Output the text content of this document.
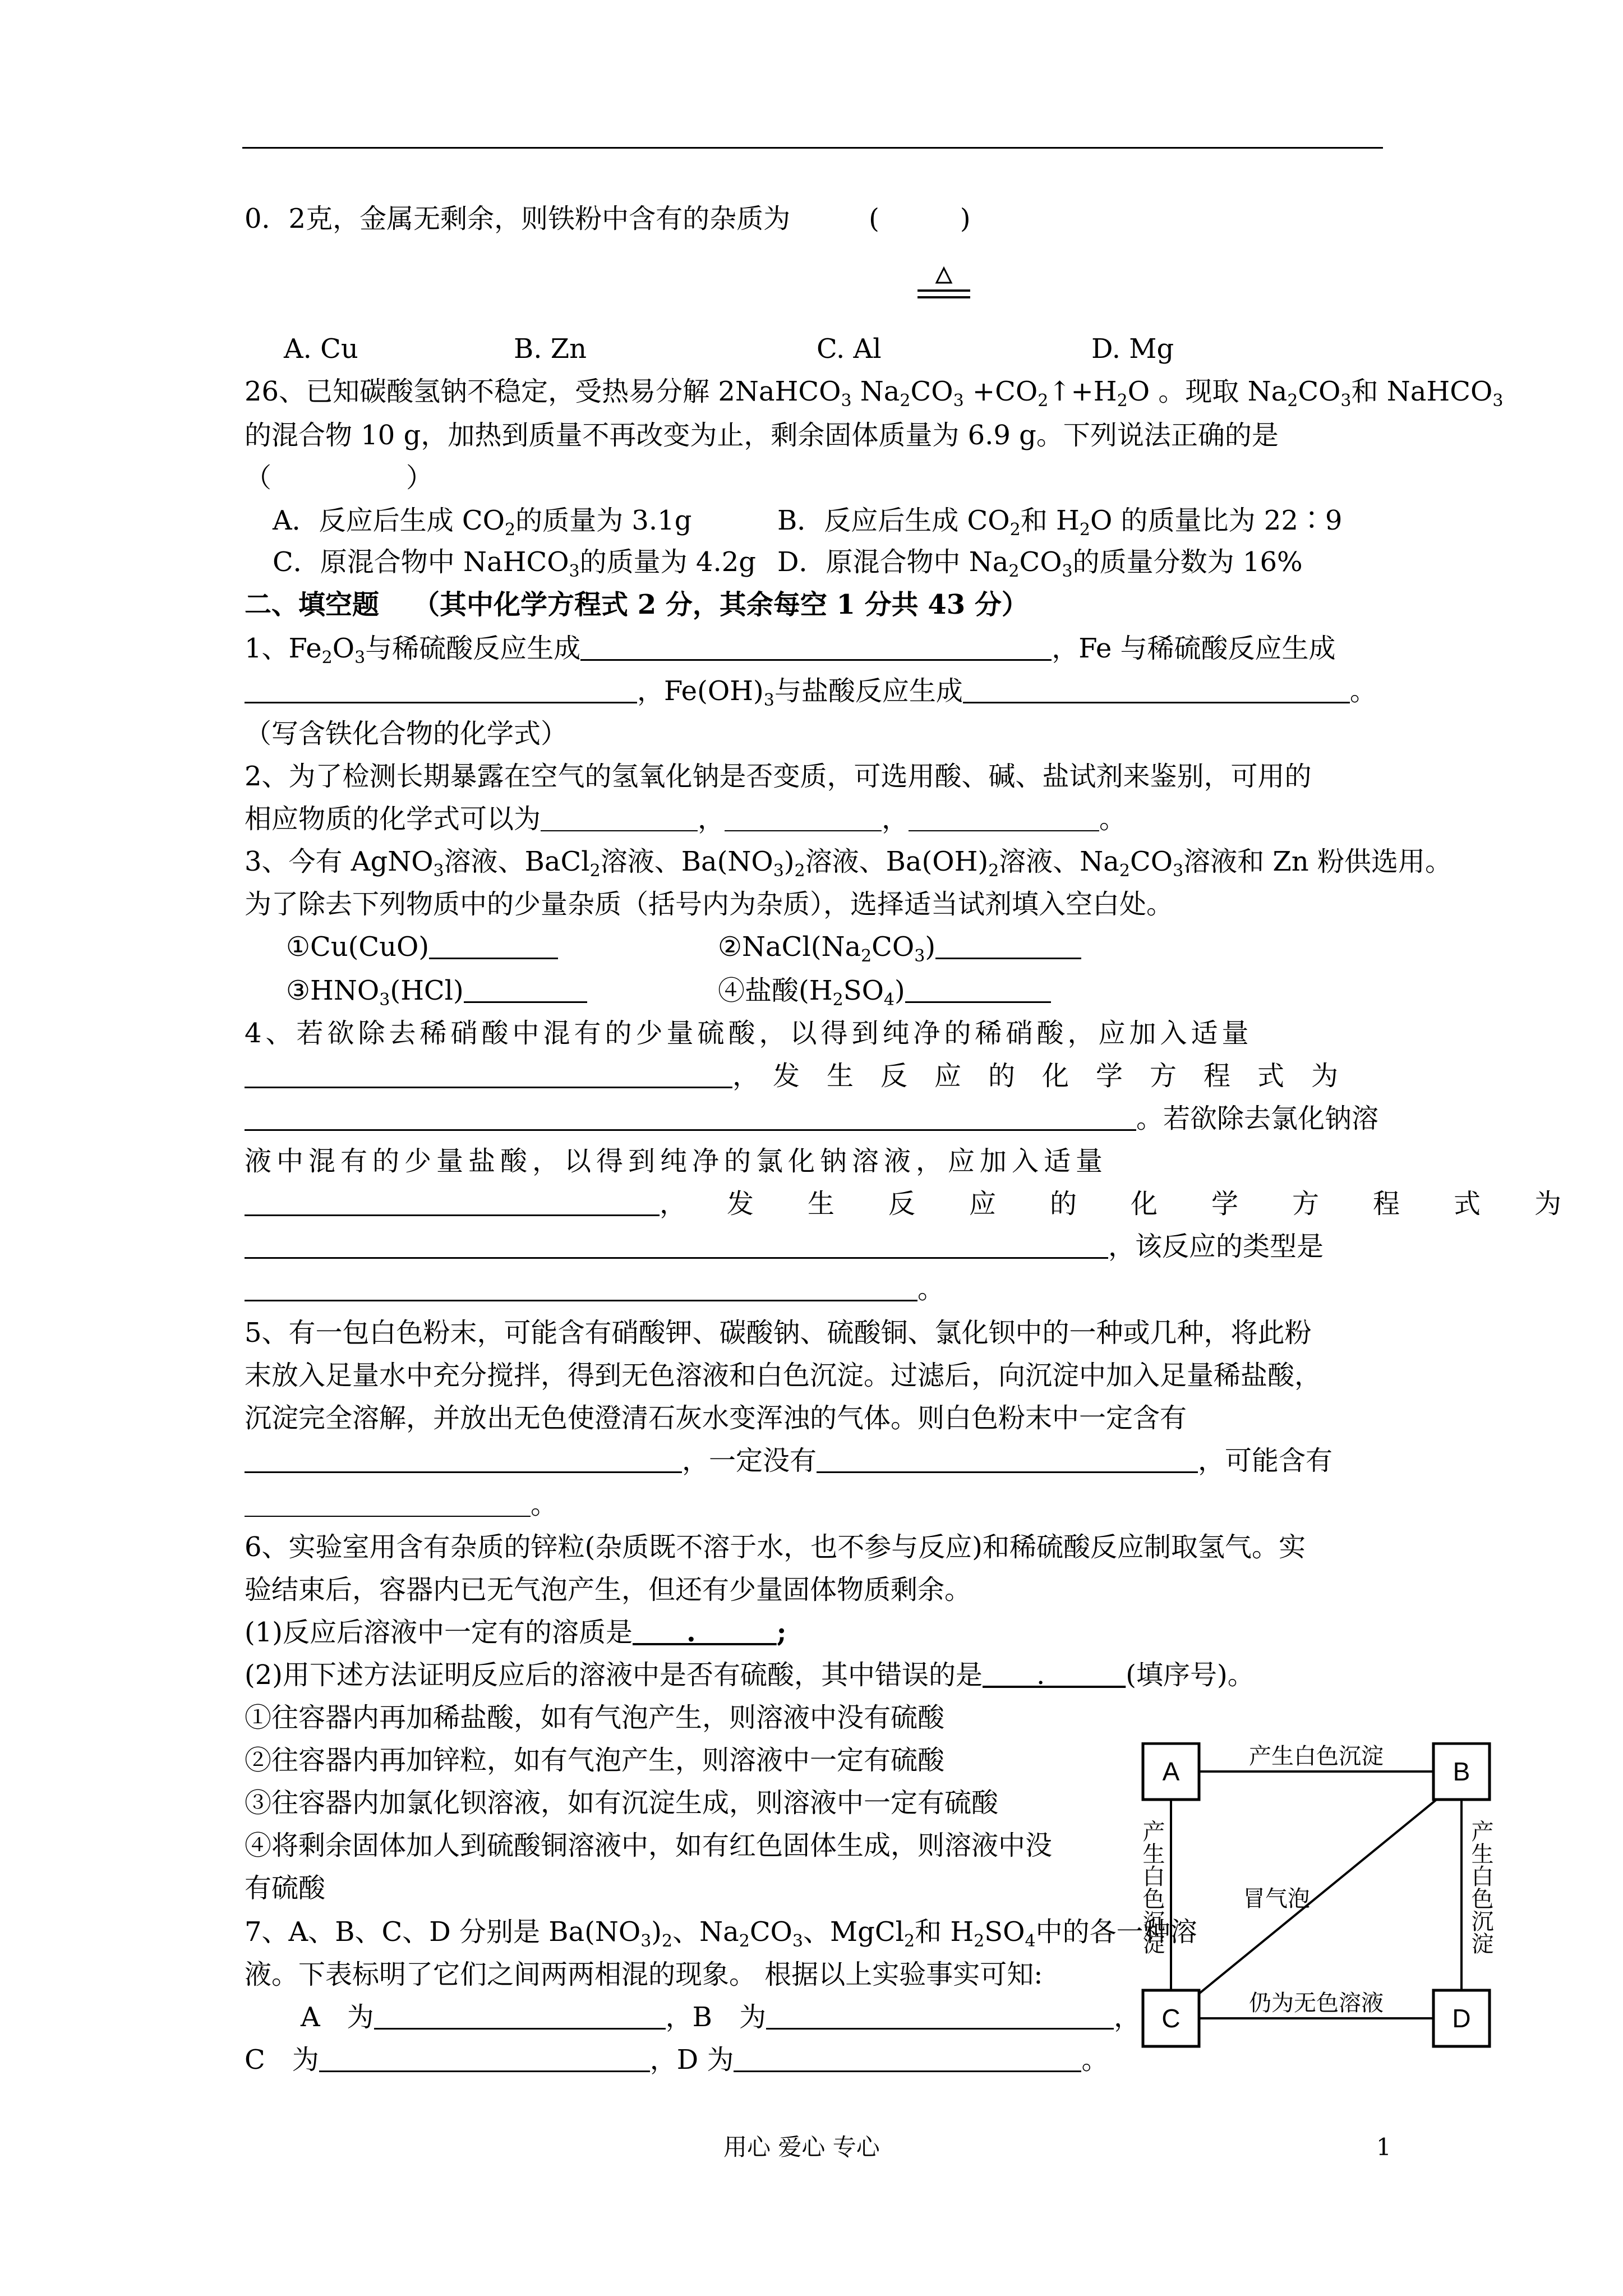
0．2克，金属无剩余，则铁粉中含有的杂质为	(　　　)
A. Cu	B. Zn	C. Al	D. Mg
26、已知碳酸氢钠不稳定，受热易分解 2NaHCO$_3$ $Na_2CO_3$ $+CO_2↑+H_2O$ 。现取 $Na_2CO_3$和 NaHCO$_3$
的混合物 10 g，加热到质量不再改变为止，剩余固体质量为 6.9 g。下列说法正确的是
（　　　　　）
A．反应后生成 $CO_2$的质量为 3.1g	B．反应后生成 $CO_2$和 $H_2O$ 的质量比为 22∶9
C．原混合物中 NaHCO$_3$的质量为 4.2g D．原混合物中 $Na_2CO_3$的质量分数为 16%
二、填空题 （其中化学方程式 2 分，其余每空 1 分共 43 分）
1、$Fe_2O_3$与稀硫酸反应生成	，Fe 与稀硫酸反应生成
，$Fe(OH)_3$与盐酸反应生成	。
（写含铁化合物的化学式）
2、为了检测长期暴露在空气的氢氧化钠是否变质，可选用酸、碱、盐试剂来鉴别，可用的
相应物质的化学式可以为	，	，	。
3、今有 AgNO$_3$溶液、BaCl$_2$溶液、$Ba(NO_3)_2$溶液、$Ba(OH)_2$溶液、$Na_2CO_3$溶液和 Zn 粉供选用。
为了除去下列物质中的少量杂质（括号内为杂质），选择适当试剂填入空白处。
①Cu(CuO)	$②NaCl(Na_2CO_3)$
$③HNO_3(HCl)$	④盐酸$(H_2SO_4)$
4、若欲除去稀硝酸中混有的少量硫酸，以得到纯净的稀硝酸，应加入适量
，　发　生　反　应　的　化　学　方　程　式　为
。若欲除去氯化钠溶
液中混有的少量盐酸，以得到纯净的氯化钠溶液，应加入适量
，　　发　　生　　反　　应　　的　　化　　学　　方　　程　　式　　为
，该反应的类型是
。
5、有一包白色粉末，可能含有硝酸钾、碳酸钠、硫酸铜、氯化钡中的一种或几种，将此粉
末放入足量水中充分搅拌，得到无色溶液和白色沉淀。过滤后，向沉淀中加入足量稀盐酸，
沉淀完全溶解，并放出无色使澄清石灰水变浑浊的气体。则白色粉末中一定含有
，一定没有	，可能含有
。
6、实验室用含有杂质的锌粒(杂质既不溶于水，也不参与反应)和稀硫酸反应制取氢气。实
验结束后，容器内已无气泡产生，但还有少量固体物质剩余。
(1)反应后溶液中一定有的溶质是　　.　　　;
(2)用下述方法证明反应后的溶液中是否有硫酸，其中错误的是　　.　　　(填序号)。
①往容器内再加稀盐酸，如有气泡产生，则溶液中没有硫酸
②往容器内再加锌粒，如有气泡产生，则溶液中一定有硫酸
③往容器内加氯化钡溶液，如有沉淀生成，则溶液中一定有硫酸
④将剩余固体加人到硫酸铜溶液中，如有红色固体生成，则溶液中没
有硫酸
7、A、B、C、D 分别是 $Ba(NO_3)_2$、$Na_2CO_3$、MgCl$_2$和 $H_2SO_4$中的各一种溶
液。下表标明了它们之间两两相混的现象。 根据以上实验事实可知:
A　为	，B　为	，
C　为	，D 为	。
A	B
C	D
产生白色沉淀
仍为无色溶液
冒气泡
产生白色沉淀	产生白色沉淀
用心 爱心 专心	1
